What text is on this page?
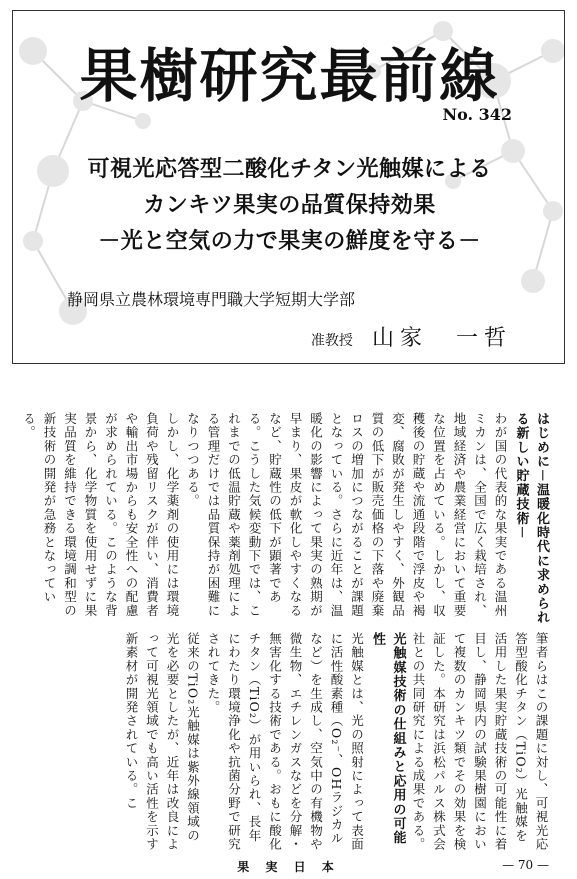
果樹研究最前線
No. 342
可視光応答型二酸化チタン光触媒による
カンキツ果実の品質保持効果
－光と空気の力で果実の鮮度を守る－
静岡県立農林環境専門職大学短期大学部
准教授 山家　一哲

はじめに－温暖化時代に求められる新しい貯蔵技術－

わが国の代表的な果実である温州ミカンは、全国で広く栽培され、地域経済や農業経営において重要な位置を占めている。しかし、収穫後の貯蔵や流通段階で浮皮や褐変、腐敗が発生しやすく、外観品質の低下が販売価格の下落や廃棄ロスの増加につながることが課題となっている。さらに近年は、温暖化の影響によって果実の熟期が早まり、果皮が軟化しやすくなるなど、貯蔵性の低下が顕著である。こうした気候変動下では、これまでの低温貯蔵や薬剤処理による管理だけでは品質保持が困難になりつつある。

しかし、化学薬剤の使用には環境負荷や残留リスクが伴い、消費者や輸出市場からも安全性への配慮が求められている。このような背景から、化学物質を使用せずに果実品質を維持できる環境調和型の新技術の開発が急務となっている。

筆者らはこの課題に対し、可視光応答型酸化チタン（TiO₂）光触媒を活用した果実貯蔵技術の可能性に着目し、静岡県内の試験果樹園において複数のカンキツ類でその効果を検証した。本研究は浜松パルス株式会社との共同研究による成果である。

光触媒技術の仕組みと応用の可能性

光触媒とは、光の照射によって表面に活性酸素種（O₂⁻、OHラジカルなど）を生成し、空気中の有機物や微生物、エチレンガスなどを分解・無害化する技術である。おもに酸化チタン（TiO₂）が用いられ、長年にわたり環境浄化や抗菌分野で研究されてきた。

従来のTiO₂光触媒は紫外線領域の光を必要としたが、近年は改良によって可視光領域でも高い活性を示す新素材が開発されている。こ

果 実 日 本	— 70 —
